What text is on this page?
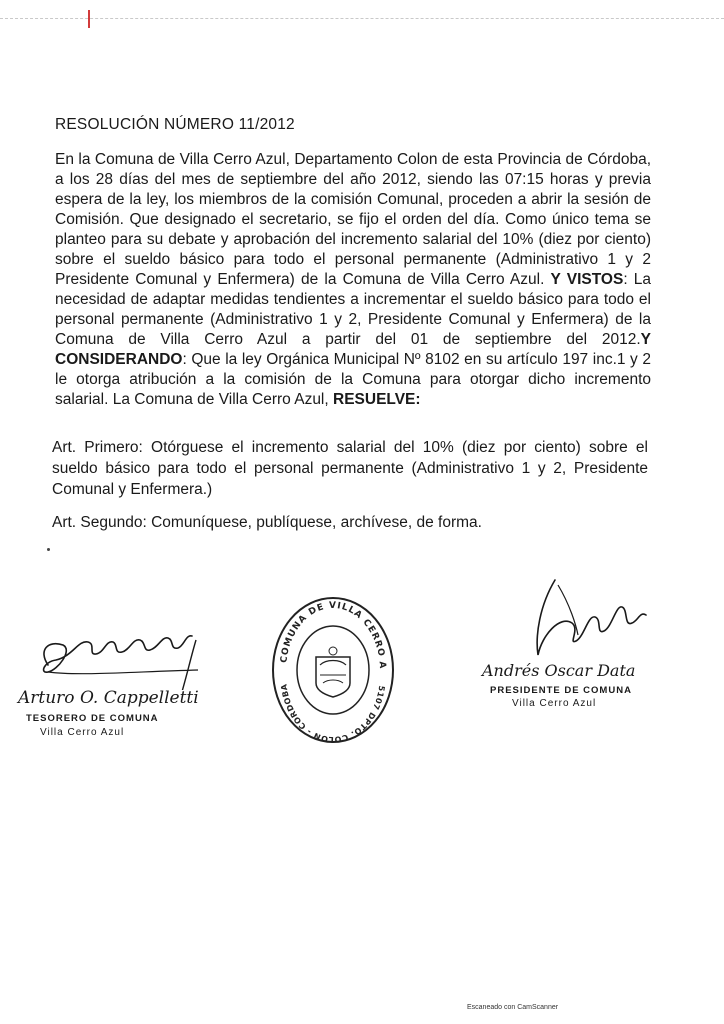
RESOLUCIÓN NÚMERO 11/2012

En la Comuna de Villa Cerro Azul, Departamento Colon de esta Provincia de Córdoba, a los 28 días del mes de septiembre del año 2012, siendo las 07:15 horas y previa espera de la ley, los miembros de la comisión Comunal, proceden a abrir la sesión de Comisión. Que designado el secretario, se fijo el orden del día. Como único tema se planteo para su debate y aprobación del incremento salarial del 10% (diez por ciento) sobre el sueldo básico para todo el personal permanente (Administrativo 1 y 2 Presidente Comunal y Enfermera) de la Comuna de Villa Cerro Azul. Y VISTOS: La necesidad de adaptar medidas tendientes a incrementar el sueldo básico para todo el personal permanente (Administrativo 1 y 2, Presidente Comunal y Enfermera) de la Comuna de Villa Cerro Azul a partir del 01 de septiembre del 2012.Y CONSIDERANDO: Que la ley Orgánica Municipal Nº 8102 en su artículo 197 inc.1 y 2 le otorga atribución a la comisión de la Comuna para otorgar dicho incremento salarial. La Comuna de Villa Cerro Azul, RESUELVE:

Art. Primero: Otórguese el incremento salarial del 10% (diez por ciento) sobre el sueldo básico para todo el personal permanente (Administrativo 1 y 2, Presidente Comunal y Enfermera.)
Art. Segundo: Comuníquese, publíquese, archívese, de forma.
Arturo O. Cappelletti
TESORERO DE COMUNA
Villa Cerro Azul
COMUNA DE VILLA CERRO A
5107 DPTO. COLON - CORDOBA
Andrés Oscar Data
PRESIDENTE DE COMUNA
Villa Cerro Azul
Escaneado con CamScanner
